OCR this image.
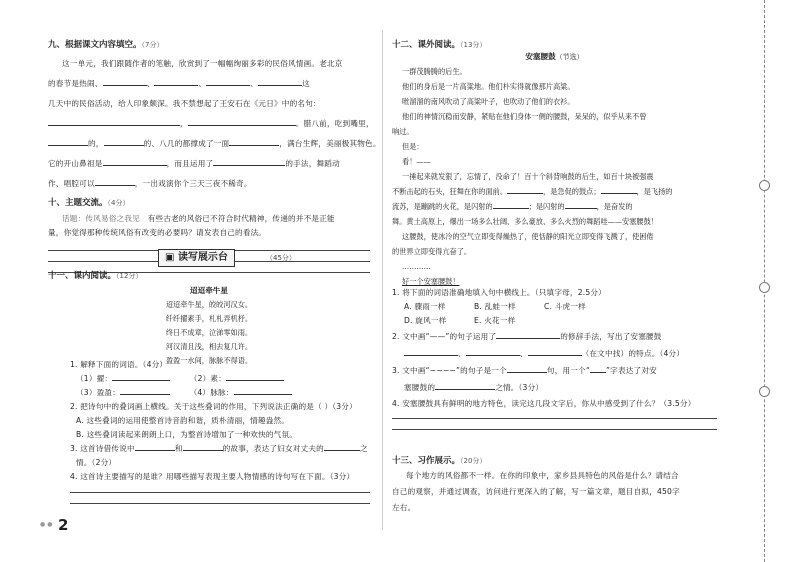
九、根据课文内容填空。（7分）

这一单元，我们跟随作者的笔触，欣赏到了一幅幅绚丽多彩的民俗风情画。老北京

的春节是热闹、	、	、	、	这

几天中的民俗活动，给人印象颇深。我不禁想起了王安石在《元日》中的名句：

，	。腊八前，吃到嘴里，

的，	的、八几的都撑成了一面	，满台生辉，美丽极其物色。

它的开山鼻祖是	，而且运用了	的手法，舞蹈动

作、唱腔可以	，一出戏演你个三天三夜不稀奇。

十、主题交流。（4分）

话题：传风易俗之我见　 有些古老的风俗已不符合时代精神，传递的并不是正能

量，你觉得那种传统风俗有改变的必要吗？请发表自己的看法。

▣ 读写展示台	（45分）

十一、课内阅读。（12分）

迢迢牵牛星
迢迢牵牛星，皎皎河汉女。
纤纤擢素手，札札弄机杼。
终日不成章，泣涕零如雨。
河汉清且浅，相去复几许。
盈盈一水间，脉脉不得语。

1. 解释下面的词语。（4分）

（1）擢：　　　	（2）素：

（3）盈盈：　　　	（4）脉脉：

2. 把诗句中的叠词画上横线。关于这些叠词的作用，下列说法正确的是（ ）（3分）

A. 这些叠词的运用使整首诗音韵和谐，质朴清丽，情趣盎然。

B. 这些叠词读起来朗朗上口，为整首诗增加了一种欢快的气氛。

3. 这首诗借传说中	和	的故事，表达了妇女对丈夫的	之

情。（2分）

4. 这首诗主要描写的是谁？用哪些描写表现主要人物情感的诗句写在下面。（3分）

●● 2

十二、课外阅读。（13分）

安塞腰鼓（节选）

一群茂腾腾的后生。

他们的身后是一片高粱地。他们朴实得就像那片高粱。

咝溜溜的南风吹动了高粱叶子，也吹动了他们的衣衫。

他们的神情沉稳而安静，紧贴在他们身体一侧的腰鼓，呆呆的，似乎从来不曾

响过。

但是：

看！——

一捶起来就发狠了，忘情了，没命了！百十个斜背响鼓的后生，如百十块被强震

不断击起的石头，狂舞在你的面前。	，是急促的鼓点；	，是飞扬的

流苏，是蹦跳的火花，是闪射的	；是闪射的	，是奋发的

舞。黄土高原上，爆出一场多么壮阔、多么豪放、多么火烈的舞蹈哇——安塞腰鼓！

这腰鼓，使冰冷的空气立即变得燥热了，使恬静的阳光立即变得飞溅了，使困倦

的世界立即变得亢奋了。

…………

好一个安塞腰鼓！

1. 将下面的词语准确地填入句中横线上。（只填字母，2.5分）

A. 骤雨一样	B. 乱蛙一样	C. 斗虎一样

D. 旋风一样	E. 火花一样

2. 文中画“——”的句子运用了	的修辞手法，写出了安塞腰鼓

、	、	（在文中找）的特点。（4分）

3. 文中画“~~~~”的句子是一个	句，用一个“ ”字表达了对安

塞腰鼓的	之情。（3分）

4. 安塞腰鼓具有鲜明的地方特色，读完这几段文字后，你从中感受到了什么？（3.5分）

十三、习作展示。（20分）

每个地方的风俗都不一样。在你的印象中，家乡县具特色的风俗是什么？请结合

自己的观察，并通过调查，访问进行更深入的了解，写一篇文章，题目自拟，450字

左右。
